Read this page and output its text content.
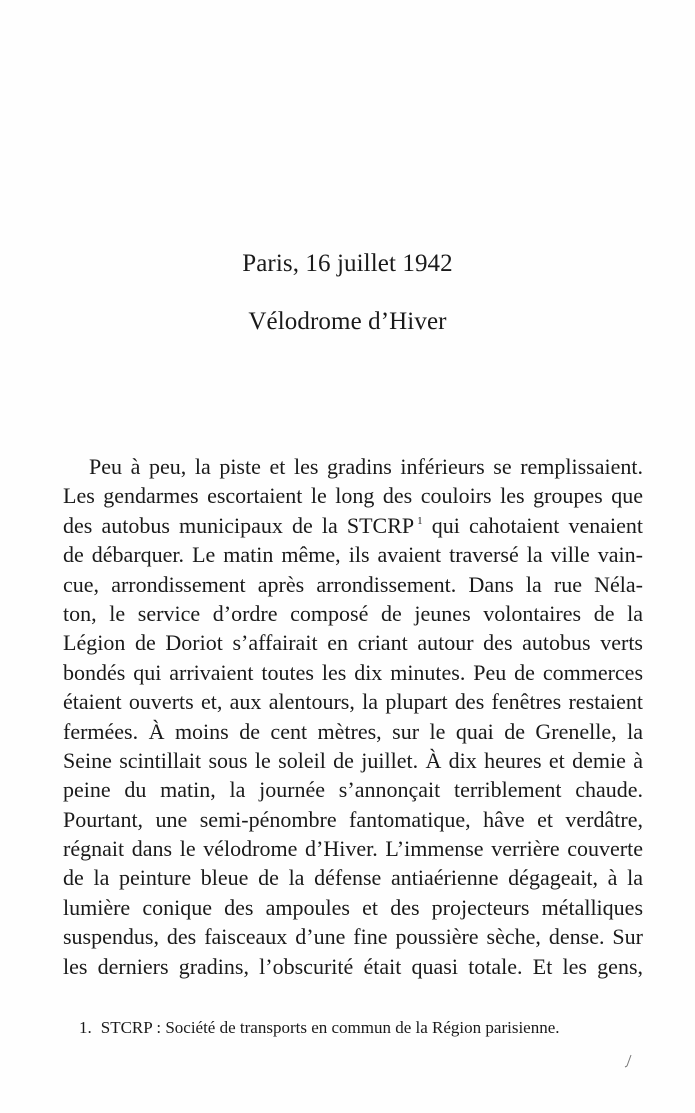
Paris, 16 juillet 1942
Vélodrome d’Hiver
Peu à peu, la piste et les gradins inférieurs se remplissaient.
Les gendarmes escortaient le long des couloirs les groupes que
des autobus municipaux de la STCRP $^1$ qui cahotaient venaient
de débarquer. Le matin même, ils avaient traversé la ville vain-
cue, arrondissement après arrondissement. Dans la rue Néla-
ton, le service d’ordre composé de jeunes volontaires de la
Légion de Doriot s’affairait en criant autour des autobus verts
bondés qui arrivaient toutes les dix minutes. Peu de commerces
étaient ouverts et, aux alentours, la plupart des fenêtres restaient
fermées. À moins de cent mètres, sur le quai de Grenelle, la
Seine scintillait sous le soleil de juillet. À dix heures et demie à
peine du matin, la journée s’annonçait terriblement chaude.
Pourtant, une semi-pénombre fantomatique, hâve et verdâtre,
régnait dans le vélodrome d’Hiver. L’immense verrière couverte
de la peinture bleue de la défense antiaérienne dégageait, à la
lumière conique des ampoules et des projecteurs métalliques
suspendus, des faisceaux d’une fine poussière sèche, dense. Sur
les derniers gradins, l’obscurité était quasi totale. Et les gens,
1. STCRP : Société de transports en commun de la Région parisienne.
